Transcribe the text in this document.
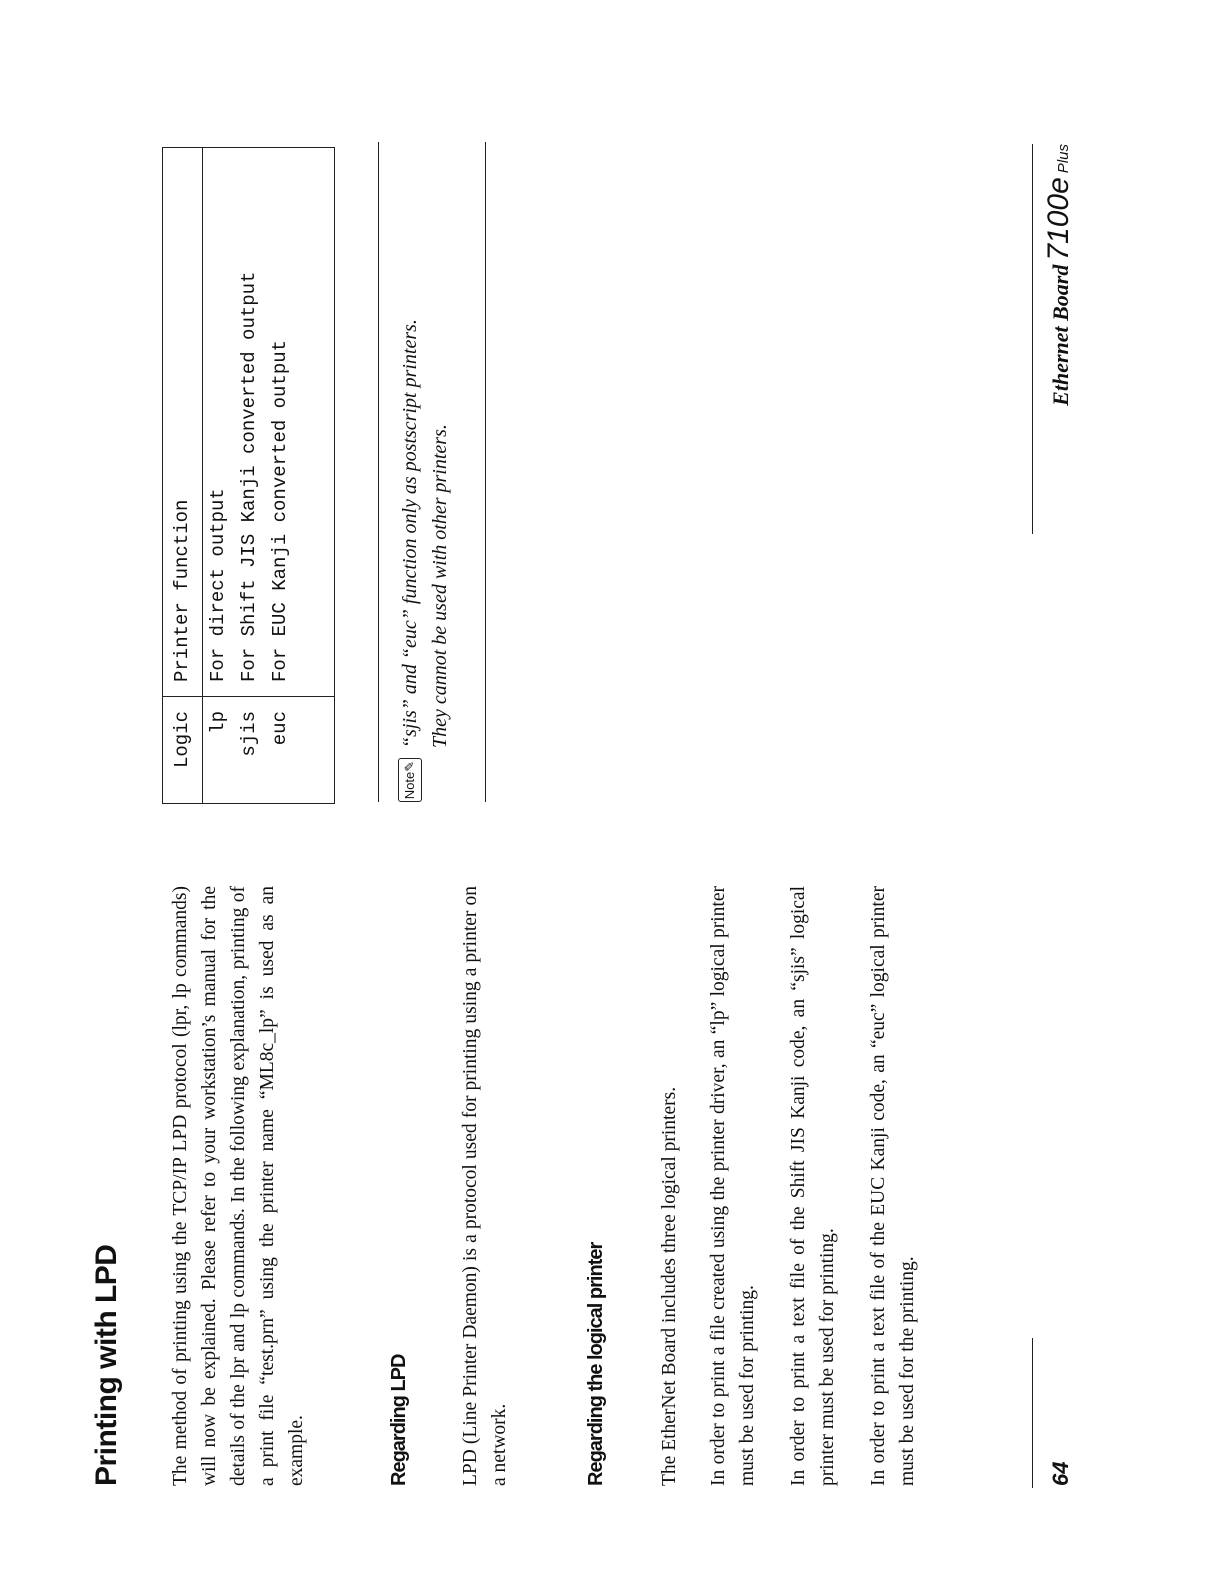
Printing with LPD The method of printing using the TCP/IP LPD protocol (lpr, lp commands) will now be explained. Please refer to your workstation’s manual for the details of the lpr and lp commands. In the following explanation, printing of a print file “test.prn” using the printer name “ML8c_lp” is used as an example.	Regarding LPD	LPD (Line Printer Daemon) is a protocol used for printing using a printer on a network.	Regarding the logical printer	The EtherNet Board includes three logical printers. In order to print a file created using the printer driver, an “lp” logical printer must be used for printing. In order to print a text file of the Shift JIS Kanji code, an “sjis” logical printer must be used for printing. In order to print a text file of the EUC Kanji code, an “euc” logical printer must be used for the printing.

Logic	Printer function
lp	For direct output
sjis	For Shift JIS Kanji converted output
euc	For EUC Kanji converted output
Note✎

“sjis” and “euc” function only as postscript printers. They cannot be used with other printers.

64
Ethernet Board 7100e Plus
